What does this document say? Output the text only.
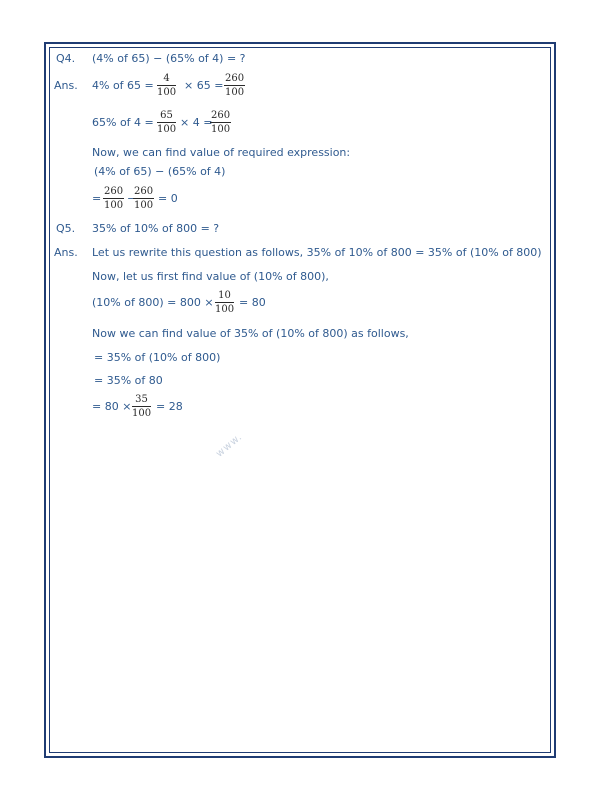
Q4. (4% of 65) − (65% of 4) = ?
Ans. 4% of $65 = \frac{4}{100} \times 65 = \frac{260}{100}$
65% of $4 = \frac{65}{100} \times 4$ =
$\frac{260}{100}$
Now, we can find value of required expression:
(4% of 65) − (65% of 4)
= $\frac{260}{100}$ −
$\frac{260}{100} = 0$
Q5. 35% of 10% of 800 = ?
Ans. Let us rewrite this question as follows, 35% of 10% of 800 = 35% of (10% of 800)
Now, let us first find value of (10% of 800),
(10% of $800) = 800 \times \frac{10}{100} = 80$
Now we can find value of 35% of (10% of 800) as follows,
= 35% of (10% of 800)
= 35% of 80
= $80 \times \frac{35}{100} = 28$
www.
